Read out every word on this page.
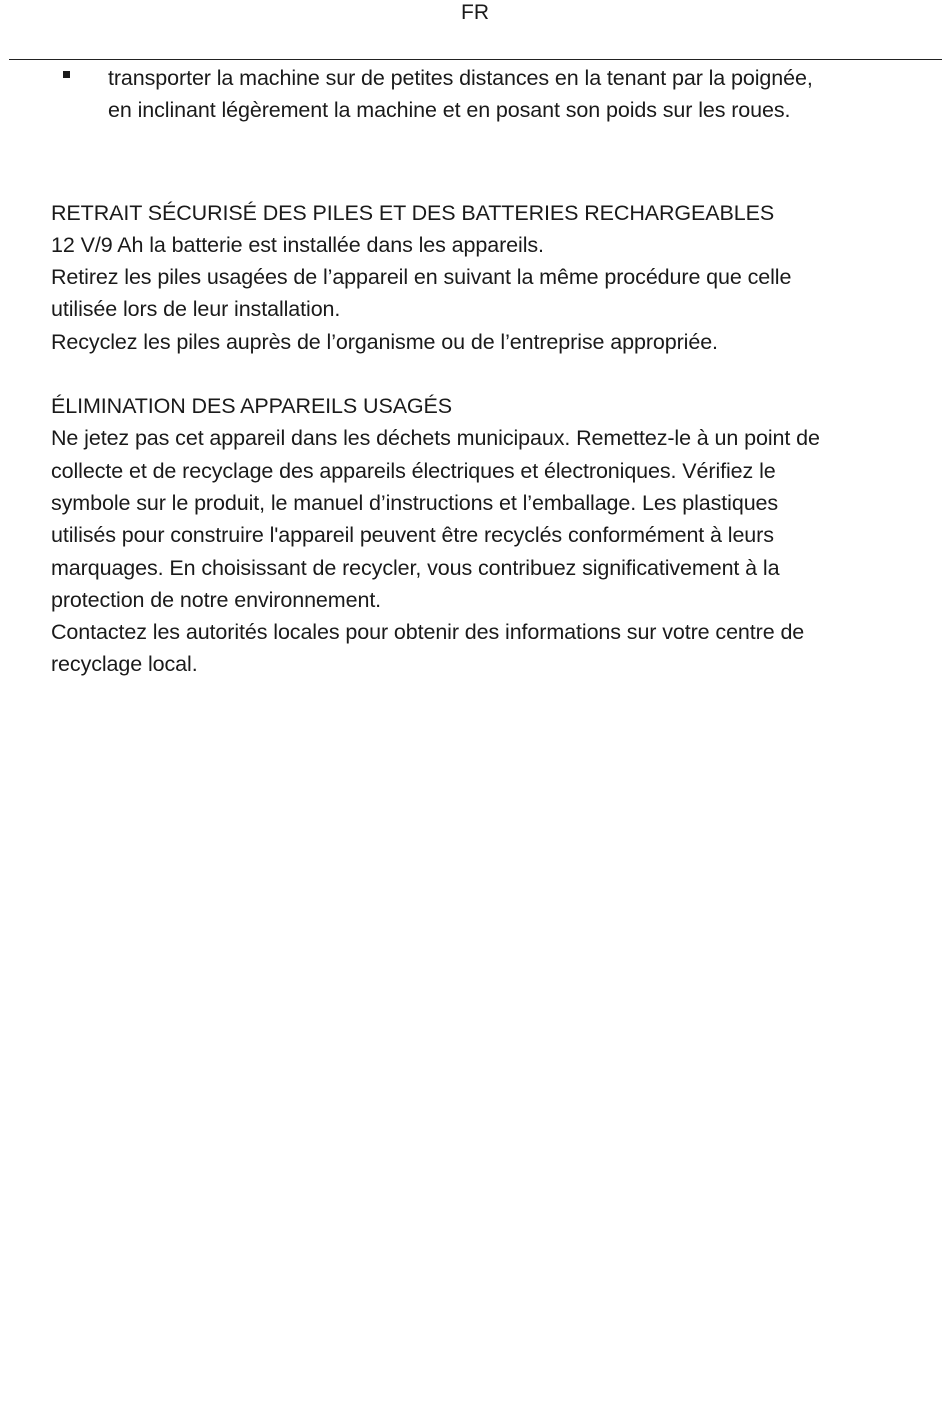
FR

transporter la machine sur de petites distances en la tenant par la poignée,

en inclinant légèrement la machine et en posant son poids sur les roues.

RETRAIT SÉCURISÉ DES PILES ET DES BATTERIES RECHARGEABLES

12 V/9 Ah la batterie est installée dans les appareils.

Retirez les piles usagées de l’appareil en suivant la même procédure que celle

utilisée lors de leur installation.

Recyclez les piles auprès de l’organisme ou de l’entreprise appropriée.

ÉLIMINATION DES APPAREILS USAGÉS

Ne jetez pas cet appareil dans les déchets municipaux. Remettez-le à un point de

collecte et de recyclage des appareils électriques et électroniques. Vérifiez le

symbole sur le produit, le manuel d’instructions et l’emballage. Les plastiques

utilisés pour construire l'appareil peuvent être recyclés conformément à leurs

marquages. En choisissant de recycler, vous contribuez significativement à la

protection de notre environnement.

Contactez les autorités locales pour obtenir des informations sur votre centre de

recyclage local.
